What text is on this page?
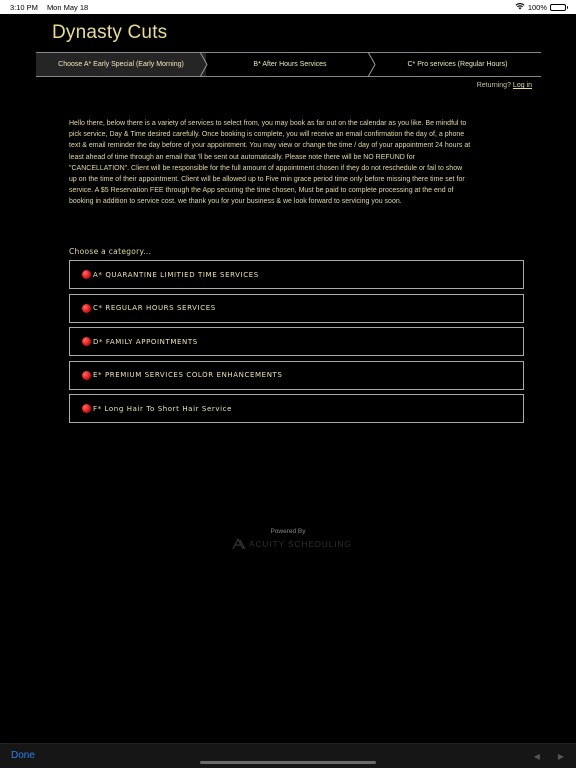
3:10 PM Mon May 18	100%
Dynasty Cuts
Choose A* Early Special (Early Morning)	B* After Hours Services	C* Pro services (Regular Hours)
Returning? Log in
Hello there, below there is a variety of services to select from, you may book as far out on the calendar as you like. Be mindful to pick service, Day & Time desired carefully. Once booking is complete, you will receive an email confirmation the day of, a phone text & email reminder the day before of your appointment. You may view or change the time / day of your appointment 24 hours at least ahead of time through an email that 'll be sent out automatically. Please note there will be NO REFUND for "CANCELLATION". Client will be responsible for the full amount of appointment chosen if they do not reschedule or fail to show up on the time of their appointment. Client will be allowed up to Five min grace period time only before missing there time set for service. A $5 Reservation FEE through the App securing the time chosen, Must be paid to complete processing at the end of booking in addition to service cost. we thank you for your business & we look forward to servicing you soon.
Choose a category...
A* QUARANTINE LIMITIED TIME SERVICES
C* REGULAR HOURS SERVICES
D* FAMILY APPOINTMENTS
E* PREMIUM SERVICES COLOR ENHANCEMENTS
F* Long Hair To Short Hair Service
Powered By
ACUITY SCHEDULING
Done	◀ ▶
